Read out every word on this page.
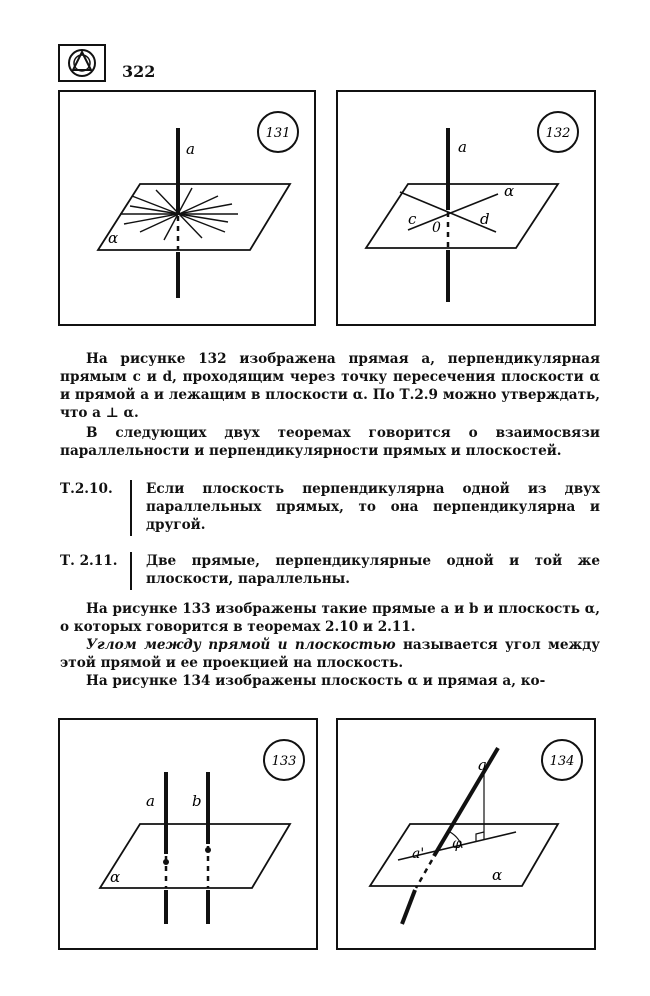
322
131
α
a
132
a
α
c	d
0
На рисунке 132 изображена прямая a, перпендикулярная прямым c и d, проходящим через точку пересечения плоскости α и прямой a и лежащим в плоскости α. По Т.2.9 можно утверждать, что a ⊥ α.
В следующих двух теоремах говорится о взаимосвязи параллельности и перпендикулярности прямых и плоскостей.
Т.2.10. Если плоскость перпендикулярна одной из двух параллельных прямых, то она перпендикулярна и другой.
Т. 2.11. Две прямые, перпендикулярные одной и той же плоскости, параллельны.
На рисунке 133 изображены такие прямые a и b и плоскость α, о которых говорится в теоремах 2.10 и 2.11.
Углом между прямой и плоскостью называется угол между этой прямой и ее проекцией на плоскость.
На рисунке 134 изображены плоскость α и прямая a, ко-
133
a b
α
134
a
a'
φ
α
